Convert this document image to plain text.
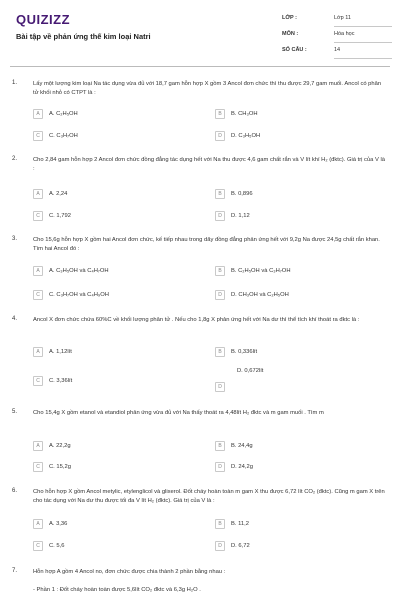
QUIZIZZ
Bài tập về phản ứng thế kim loại Natri
LỚP :	Lớp 11
MÔN :	Hóa học
SỐ CÂU :	14
1.	Lấy một lượng kim loại Na tác dụng vừa đủ với 18,7 gam hỗn hợp X gồm 3 Ancol đơn chức thì thu được 29,7 gam muối. Ancol có phân tử khối nhỏ có CTPT là :
A	A. C₂H₅OH	B	B. CH₃OH
C	C. C₃H₇OH	D	D. C₃H₅OH
2.	Cho 2,84 gam hỗn hợp 2 Ancol đơn chức đồng đẳng tác dụng hết với Na thu được 4,6 gam chất rắn và V lít khí H₂ (đktc). Giá trị của V là :
A	A. 2,24	B	B. 0,896
C	C. 1,792	D	D. 1,12
3.	Cho 15,6g hỗn hợp X gồm hai Ancol đơn chức, kế tiếp nhau trong dãy đồng đẳng phản ứng hết với 9,2g Na được 24,5g chất rắn khan. Tìm hai Ancol đó :
A	A. C₃H₅OH và C₄H₇OH	B	B. C₂H₅OH và C₃H₇OH
C	C. C₃H₇OH và C₄H₉OH	D	D. CH₃OH và C₂H₅OH
4.	Ancol X đơn chức chứa 60%C về khối lượng phân tử . Nếu cho 1,8g X phản ứng hết với Na dư thì thể tích khí thoát ra đktc là :
A	A. 1,12lít	B	B. 0,336lít
C	C. 3,36lít
D
D. 0,672lít
5.	Cho 15,4g X gồm etanol và etandiol phản ứng vừa đủ với Na thấy thoát ra 4,48lít H₂ đktc và m gam muối . Tìm m
A	A. 22,2g	B	B. 24,4g
C	C. 15,2g	D	D. 24,2g
6.	Cho hỗn hợp X gồm Ancol metylic, etylenglicol và glixerol. Đốt cháy hoàn toàn m gam X thu được 6,72 lít CO₂ (đktc). Cũng m gam X trên cho tác dụng với Na dư thu được tối đa V lít H₂ (đktc). Giá trị của V là :
A	A. 3,36	B	B. 11,2
C	C. 5,6	D	D. 6,72
7.	Hỗn hợp A gồm 4 Ancol no, đơn chức được chia thành 2 phần bằng nhau :
- Phần 1 : Đốt cháy hoàn toàn được 5,6lít CO₂ đktc và 6,3g H₂O .
